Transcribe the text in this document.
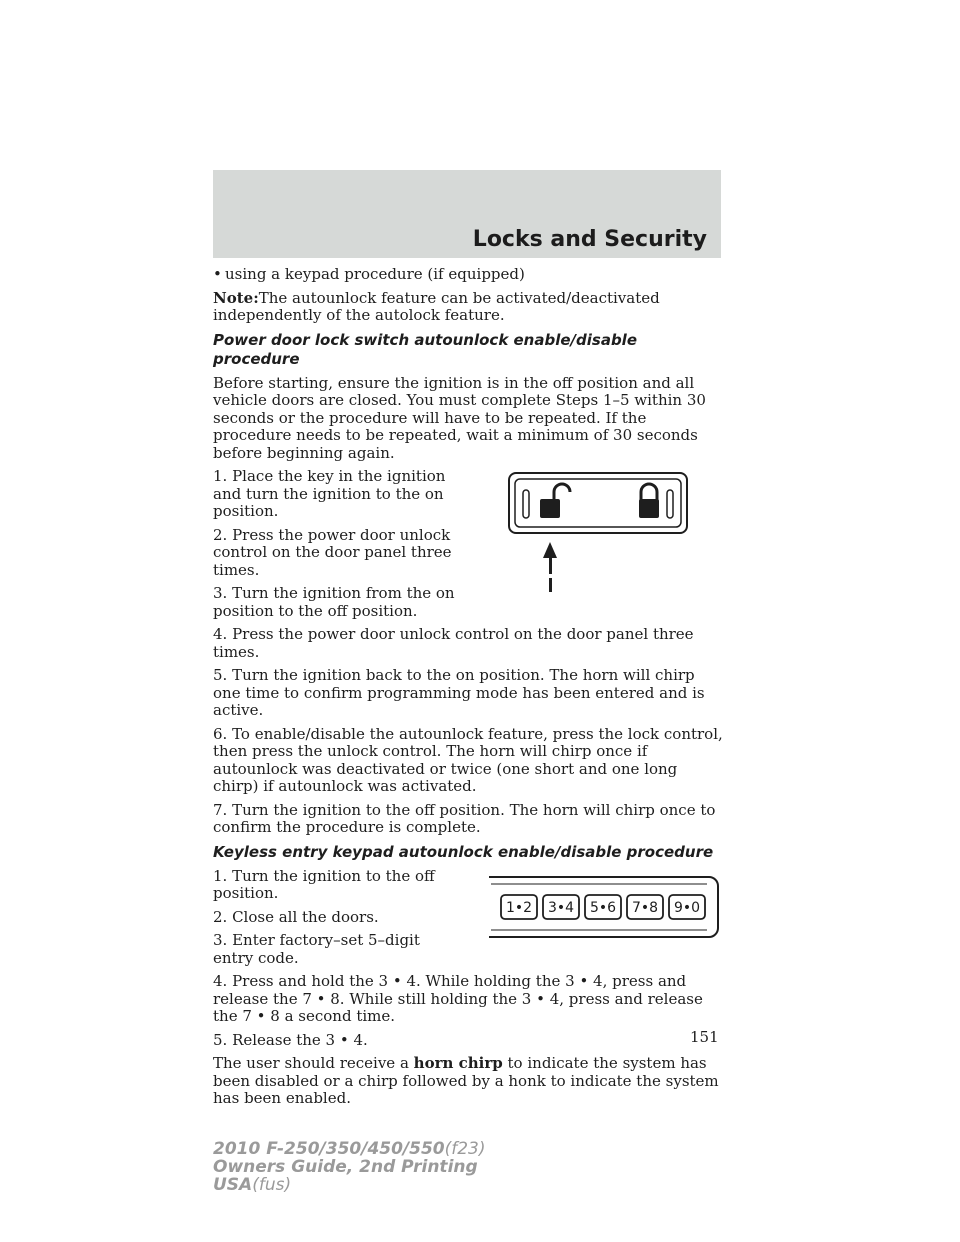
Locks and Security
• using a keypad procedure (if equipped)
Note:The autounlock feature can be activated/deactivated independently of the autolock feature.
Power door lock switch autounlock enable/disable procedure
Before starting, ensure the ignition is in the off position and all vehicle doors are closed. You must complete Steps 1–5 within 30 seconds or the procedure will have to be repeated. If the procedure needs to be repeated, wait a minimum of 30 seconds before beginning again.
1. Place the key in the ignition and turn the ignition to the on position.
2. Press the power door unlock control on the door panel three times.
3. Turn the ignition from the on position to the off position.
4. Press the power door unlock control on the door panel three times.
5. Turn the ignition back to the on position. The horn will chirp one time to confirm programming mode has been entered and is active.
6. To enable/disable the autounlock feature, press the lock control, then press the unlock control. The horn will chirp once if autounlock was deactivated or twice (one short and one long chirp) if autounlock was activated.
7. Turn the ignition to the off position. The horn will chirp once to confirm the procedure is complete.
Keyless entry keypad autounlock enable/disable procedure
1. Turn the ignition to the off position.
2. Close all the doors.
3. Enter factory–set 5–digit entry code.
1•2 3•4 5•6 7•8 9•0
4. Press and hold the 3 • 4. While holding the 3 • 4, press and release the 7 • 8. While still holding the 3 • 4, press and release the 7 • 8 a second time.
5. Release the 3 • 4.
The user should receive a horn chirp to indicate the system has been disabled or a chirp followed by a honk to indicate the system has been enabled.
151
2010 F-250/350/450/550(f23)
Owners Guide, 2nd Printing
USA(fus)
